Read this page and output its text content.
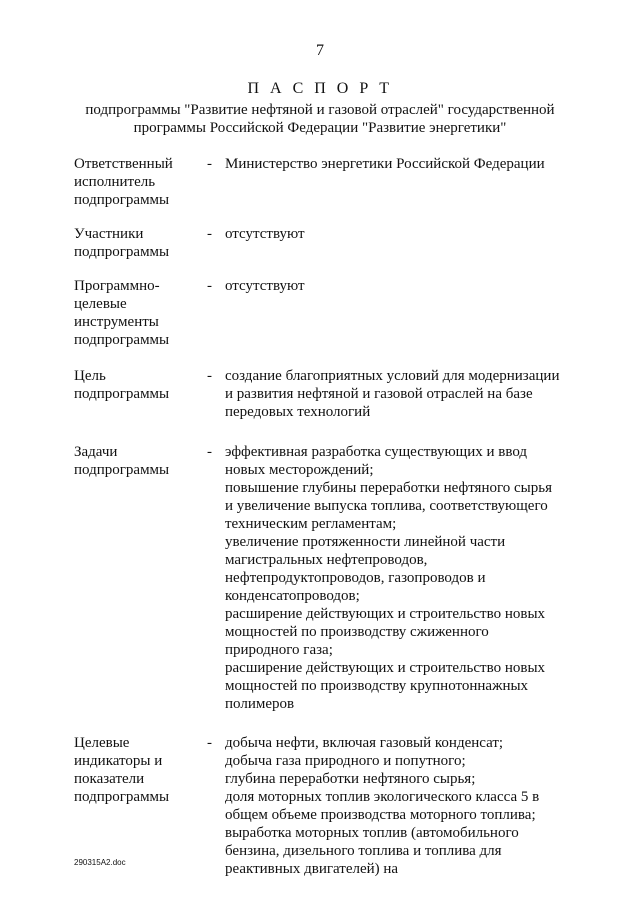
7
П А С П О Р Т
подпрограммы "Развитие нефтяной и газовой отраслей" государственной
программы Российской Федерации "Развитие энергетики"
Ответственный
исполнитель
подпрограммы
- Министерство энергетики Российской Федерации
Участники
подпрограммы
- отсутствуют
Программно-
целевые
инструменты
подпрограммы
- отсутствуют
Цель
подпрограммы
- создание благоприятных условий для модернизации
и развития нефтяной и газовой отраслей на базе
передовых технологий
Задачи
подпрограммы
- эффективная разработка существующих и ввод
новых месторождений;
повышение глубины переработки нефтяного сырья
и увеличение выпуска топлива, соответствующего
техническим регламентам;
увеличение протяженности линейной части
магистральных нефтепроводов,
нефтепродуктопроводов, газопроводов и
конденсатопроводов;
расширение действующих и строительство новых
мощностей по производству сжиженного
природного газа;
расширение действующих и строительство новых
мощностей по производству крупнотоннажных
полимеров
Целевые
индикаторы и
показатели
подпрограммы
- добыча нефти, включая газовый конденсат;
добыча газа природного и попутного;
глубина переработки нефтяного сырья;
доля моторных топлив экологического класса 5 в
общем объеме производства моторного топлива;
выработка моторных топлив (автомобильного
бензина, дизельного топлива и топлива для
реактивных двигателей) на
290315A2.doc
